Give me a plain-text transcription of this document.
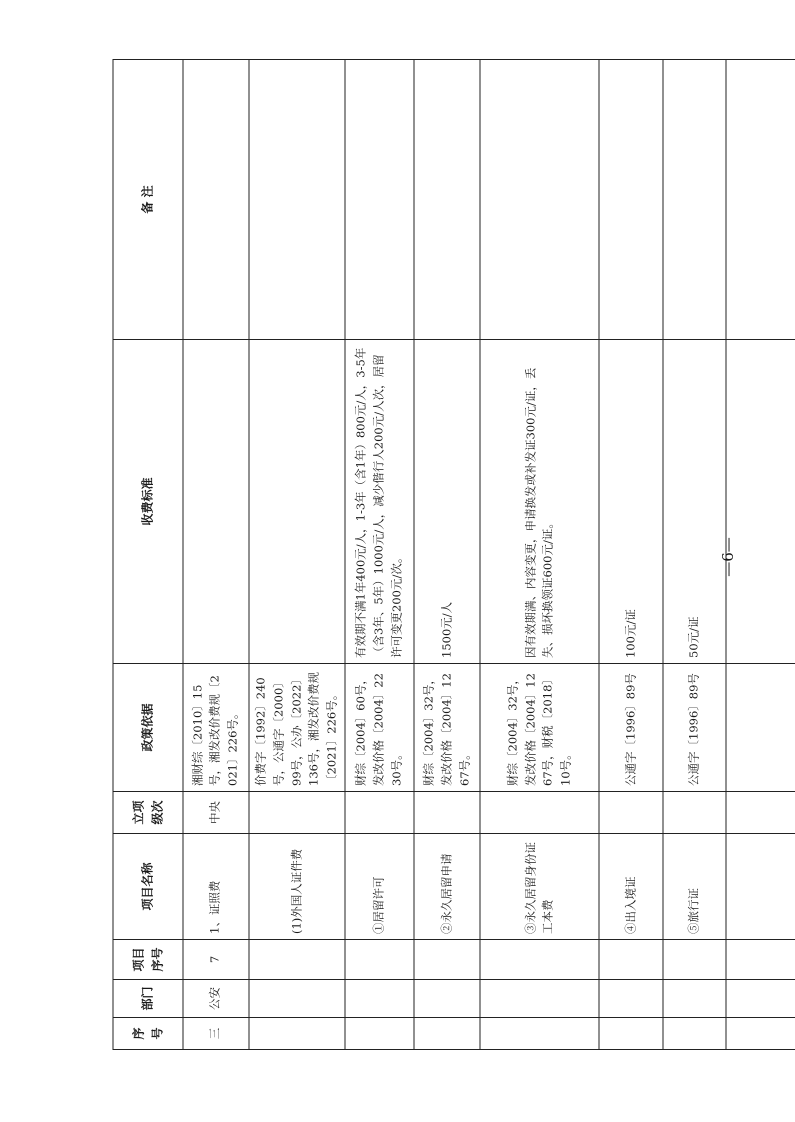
序号	部门	项目序号	项目名称	立项级次	政策依据	收费标准	备 注
三	公安	7	1、证照费	中央	湘财综〔2010〕15号，湘发改价费规〔2021〕226号。		
			(1)外国人证件费		价费字〔1992〕240号，公通字〔2000〕99号，公办〔2022〕136号，湘发改价费规〔2021〕226号。		
			①居留许可		财综〔2004〕60号，发改价格〔2004〕2230号。	有效期不满1年400元/人，1-3年（含1年）800元/人，3-5年（含3年、5年）1000元/人，减少偕行人200元/人次，居留许可变更200元/次。	
			②永久居留申请		财综〔2004〕32号，发改价格〔2004〕1267号。	1500元/人	
			③永久居留身份证工本费		财综〔2004〕32号，发改价格〔2004〕1267号，财税〔2018〕10号。	因有效期满、内容变更，申请换发或补发证300元/证，丢失、损坏换领证600元/证。	
			④出入境证		公通字〔1996〕89号	100元/证	
			⑤旅行证		公通字〔1996〕89号	50元/证	

—6—
